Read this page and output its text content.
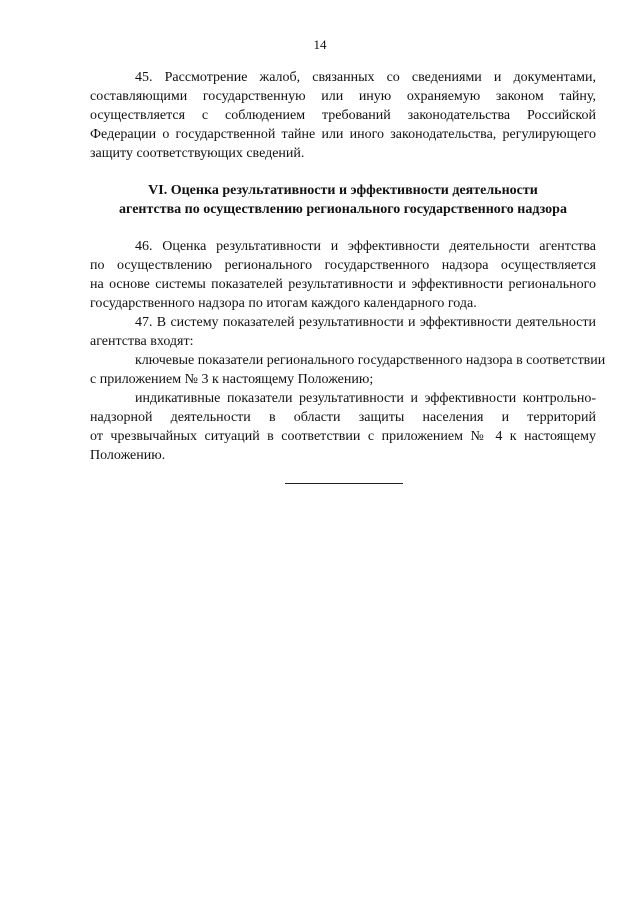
14

45. Рассмотрение жалоб, связанных со сведениями и документами,
составляющими государственную или иную охраняемую законом тайну,
осуществляется с соблюдением требований законодательства Российской
Федерации о государственной тайне или иного законодательства, регулирующего
защиту соответствующих сведений.

VI. Оценка результативности и эффективности деятельности

агентства по осуществлению регионального государственного надзора

46. Оценка результативности и эффективности деятельности агентства
по осуществлению регионального государственного надзора осуществляется
на основе системы показателей результативности и эффективности регионального
государственного надзора по итогам каждого календарного года.

47. В систему показателей результативности и эффективности деятельности
агентства входят:

ключевые показатели регионального государственного надзора в соответствии
с приложением № 3 к настоящему Положению;

индикативные показатели результативности и эффективности контрольно-
надзорной деятельности в области защиты населения и территорий
от чрезвычайных ситуаций в соответствии с приложением № 4 к настоящему
Положению.
